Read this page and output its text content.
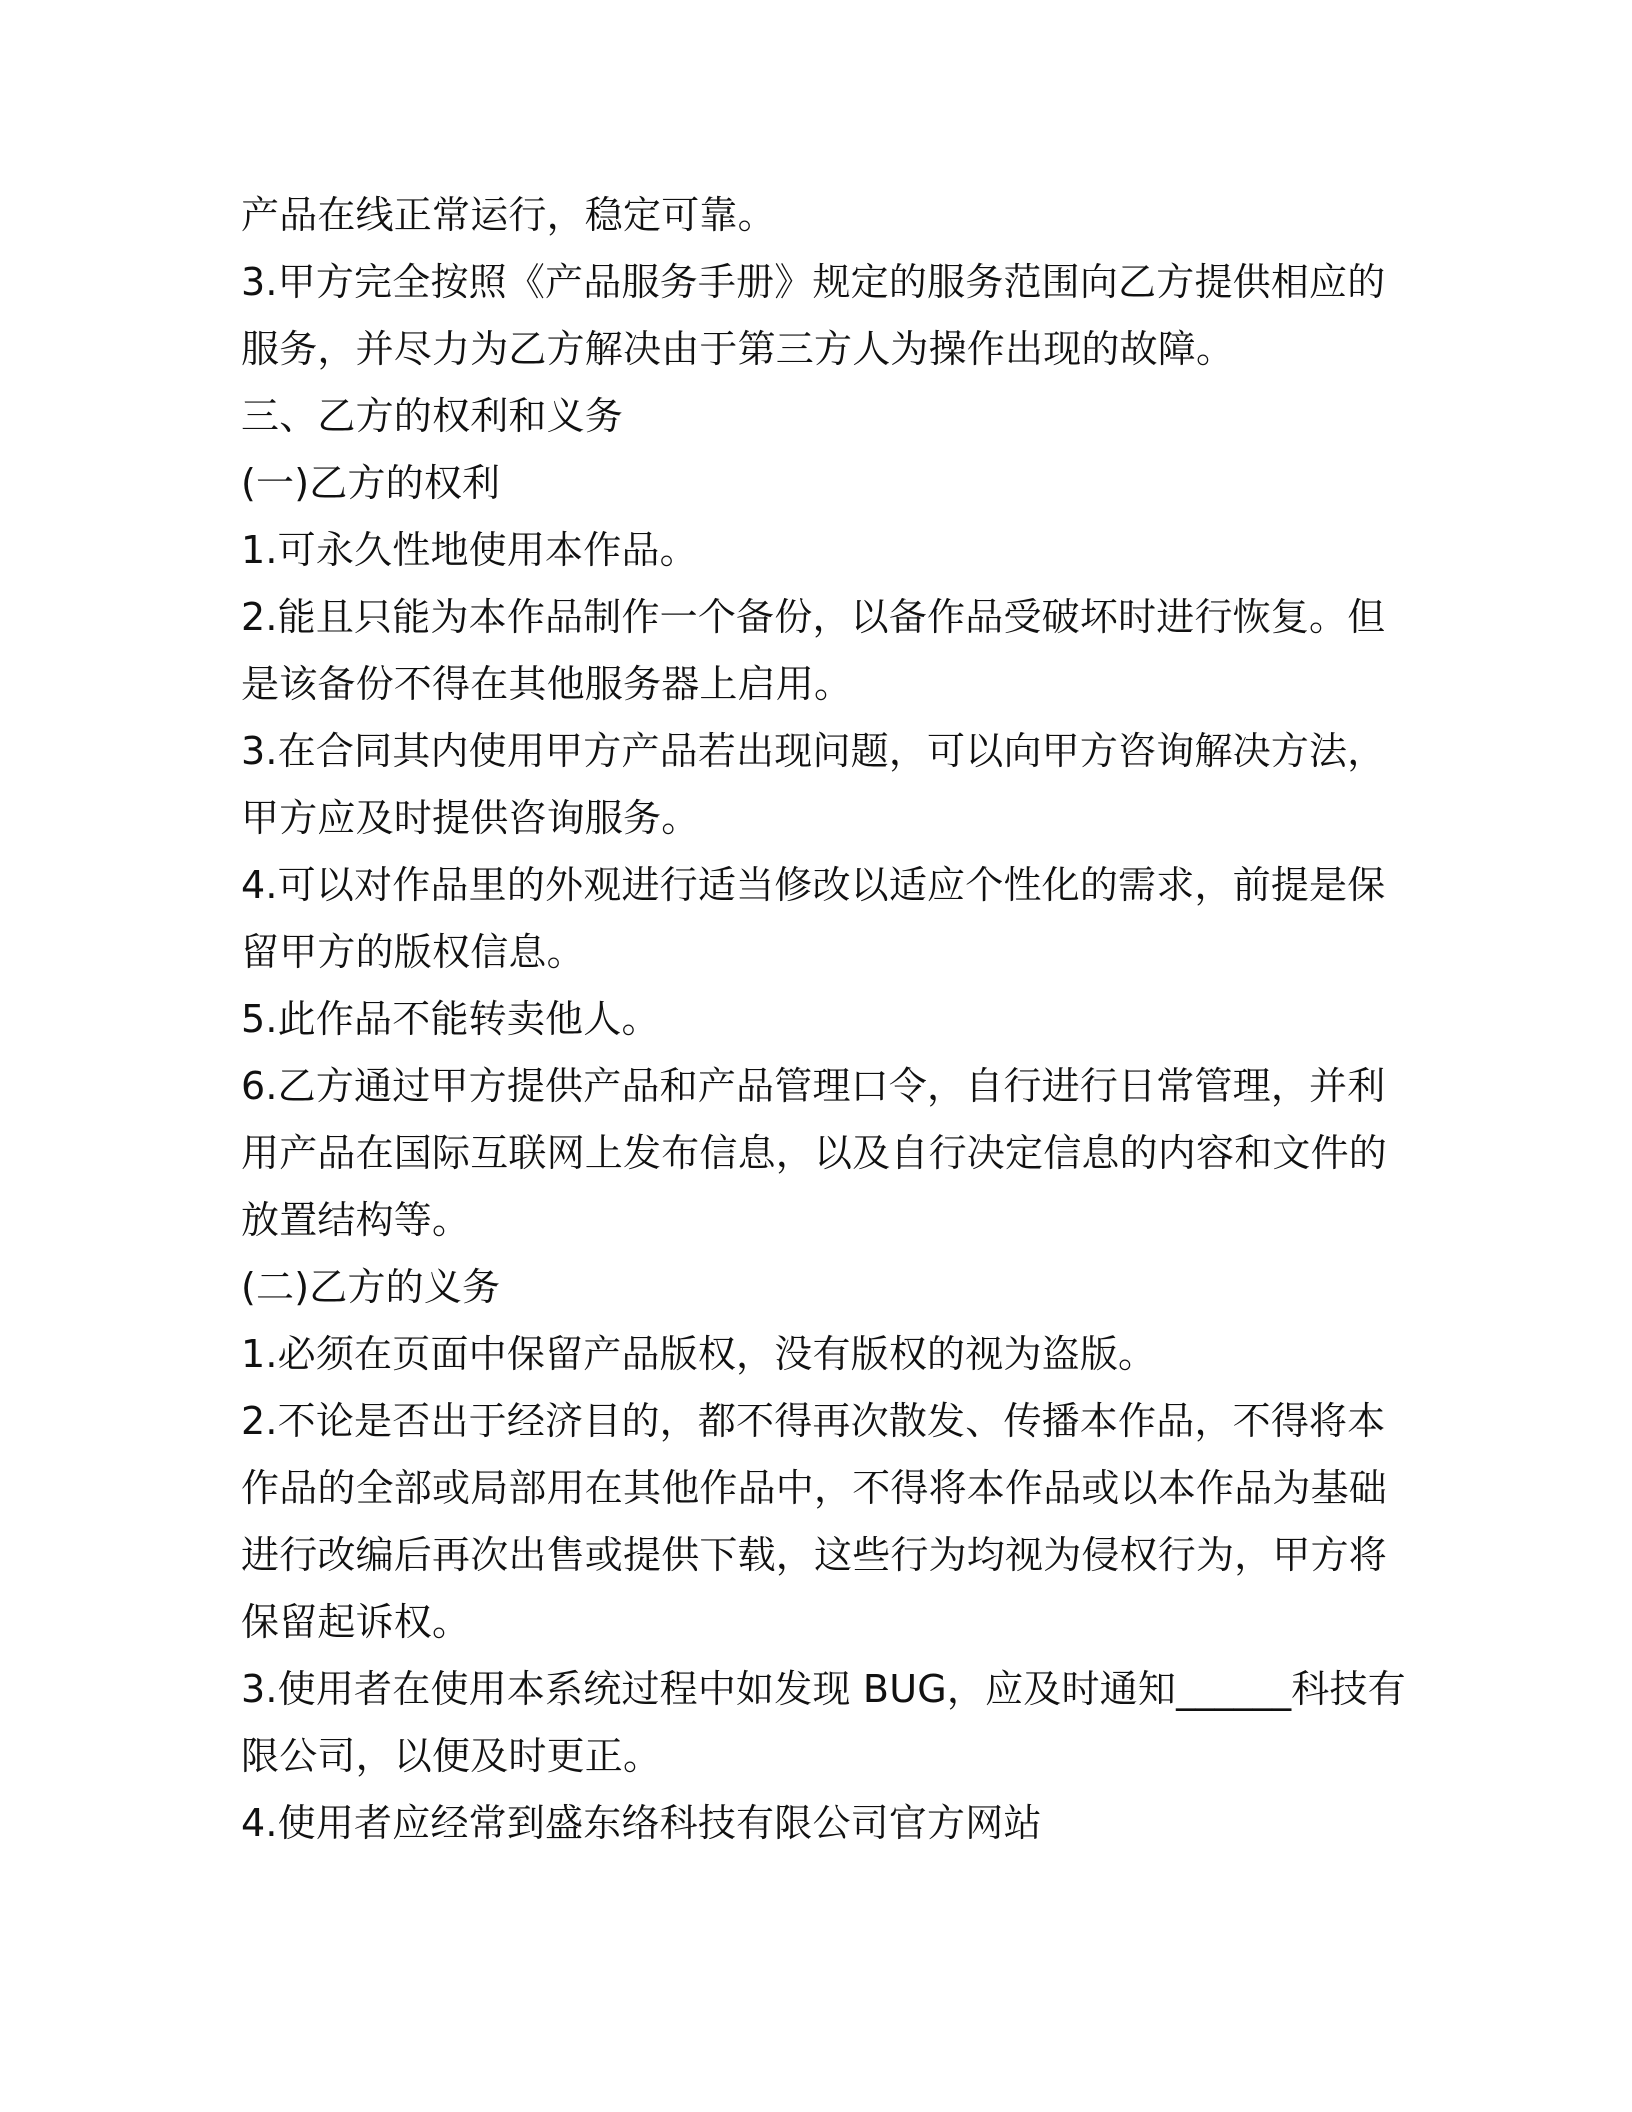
产品在线正常运行，稳定可靠。
3.甲方完全按照《产品服务手册》规定的服务范围向乙方提供相应的
服务，并尽力为乙方解决由于第三方人为操作出现的故障。
三、乙方的权利和义务
(一)乙方的权利
1.可永久性地使用本作品。
2.能且只能为本作品制作一个备份，以备作品受破坏时进行恢复。但
是该备份不得在其他服务器上启用。
3.在合同其内使用甲方产品若出现问题，可以向甲方咨询解决方法，
甲方应及时提供咨询服务。
4.可以对作品里的外观进行适当修改以适应个性化的需求，前提是保
留甲方的版权信息。
5.此作品不能转卖他人。
6.乙方通过甲方提供产品和产品管理口令，自行进行日常管理，并利
用产品在国际互联网上发布信息，以及自行决定信息的内容和文件的
放置结构等。
(二)乙方的义务
1.必须在页面中保留产品版权，没有版权的视为盗版。
2.不论是否出于经济目的，都不得再次散发、传播本作品，不得将本
作品的全部或局部用在其他作品中，不得将本作品或以本作品为基础
进行改编后再次出售或提供下载，这些行为均视为侵权行为，甲方将
保留起诉权。
3.使用者在使用本系统过程中如发现 BUG，应及时通知______科技有
限公司，以便及时更正。
4.使用者应经常到盛东络科技有限公司官方网站
